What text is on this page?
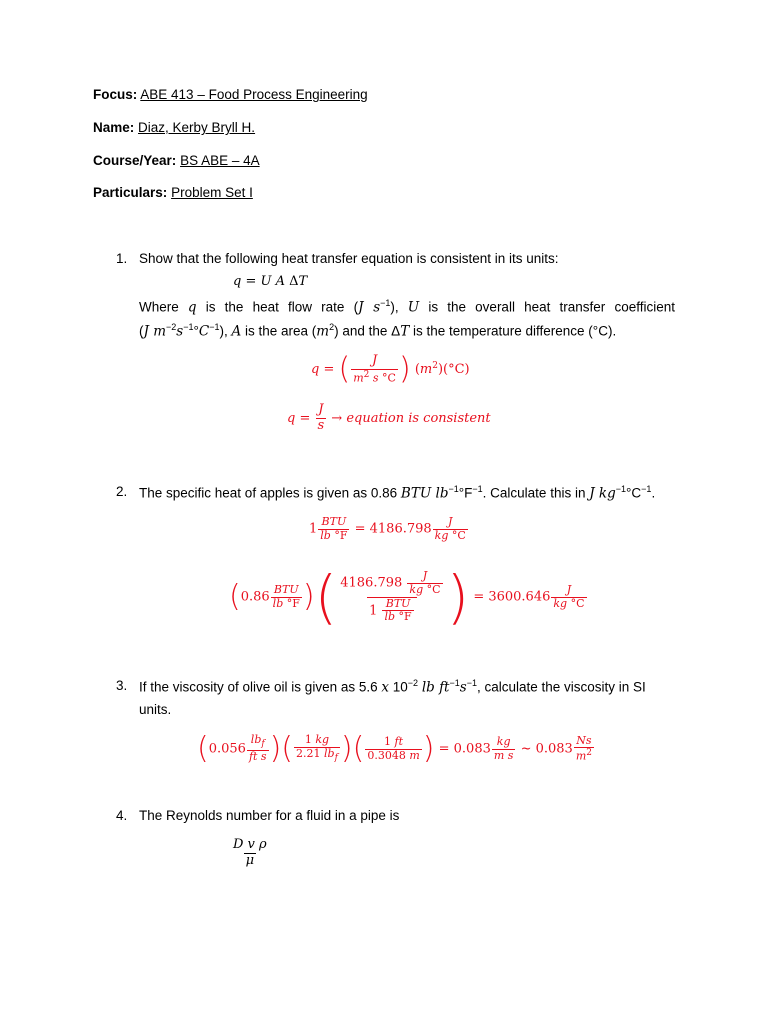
Focus: ABE 413 – Food Process Engineering
Name: Diaz, Kerby Bryll H.
Course/Year: BS ABE – 4A
Particulars: Problem Set I
1. Show that the following heat transfer equation is consistent in its units:
q = U A ΔT
Where q is the heat flow rate (J $s^{-1}$), U is the overall heat transfer coefficient
(J $m^{-2}s^{-1}^\circ C^{-1}$), A is the area $(m^2)$ and the ΔT is the temperature difference (°C).
q = ( $\frac{J}{m^2 s ^\circ C}$ ) $(m^2)(^\circ C)$
$q = \frac{J}{s}$ → equation is consistent
2. The specific heat of apples is given as 0.86 BTU $lb^{-1}^\circ F^{-1}$. Calculate this in J $kg^{-1}^\circ C^{-1}$.
$1 \frac{\text{BTU}}{lb ^\circ F} = 4186.798 \frac{J}{kg ^\circ C}$
($0.86 \frac{\text{BTU}}{lb ^\circ F}$ )( $\frac{4186.798 \frac{J}{kg ^\circ C}}{1 \frac{\text{BTU}}{lb ^\circ F}}$ ) = $3600.646 \frac{J}{kg ^\circ C}$
3. If the viscosity of olive oil is given as 5.6 x $10^{-2}$ lb $ft^{-1}s^{-1}$, calculate the viscosity in SI
units.
($0.056 \frac{lb_f}{\text{ft s}}$ )( $\frac{1 kg}{2.21 lb_f}$ )( $\frac{1 ft}{0.3048 m}$ ) = $0.083 \frac{kg}{\text{m s}}$ ~ $0.083 \frac{Ns}{m^2}$
4. The Reynolds number for a fluid in a pipe is
$\frac{\text{D v ρ}}{\mu}$
